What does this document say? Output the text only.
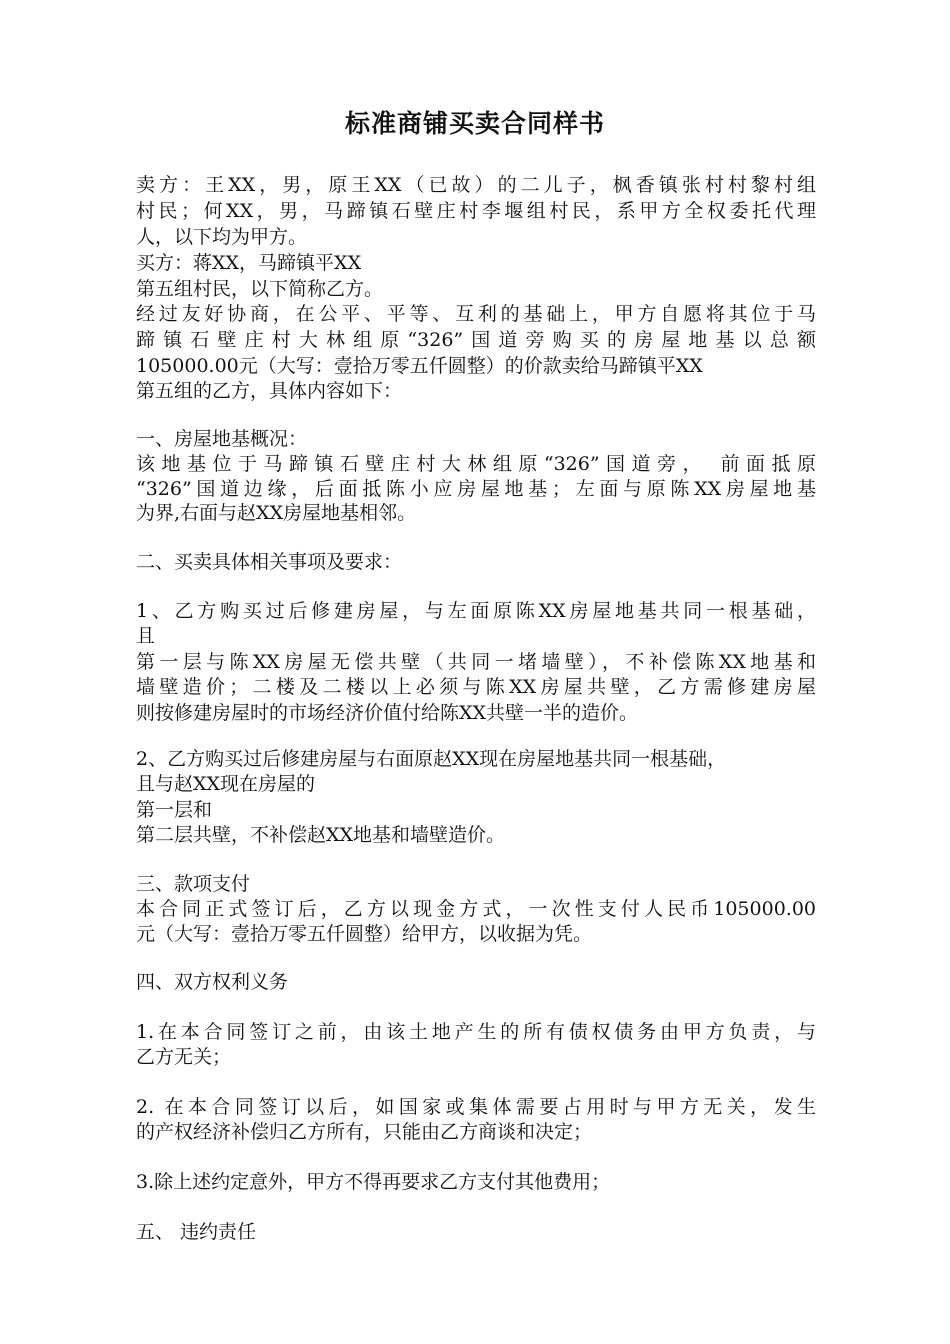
标准商铺买卖合同样书
卖方：王XX，男，原王XX（已故）的二儿子，枫香镇张村村黎村组
村民；何XX，男，马蹄镇石壁庄村李堰组村民，系甲方全权委托代理
人，以下均为甲方。
买方：蒋XX，马蹄镇平XX
第五组村民，以下简称乙方。
经过友好协商，在公平、平等、互利的基础上，甲方自愿将其位于马
蹄镇石壁庄村大林组原“326”国道旁购买的房屋地基以总额
105000.00元（大写：壹拾万零五仟圆整）的价款卖给马蹄镇平XX
第五组的乙方，具体内容如下：
一、房屋地基概况：
该地基位于马蹄镇石壁庄村大林组原“326”国道旁， 前面抵原
“326”国道边缘，后面抵陈小应房屋地基；左面与原陈XX房屋地基
为界,右面与赵XX房屋地基相邻。
二、买卖具体相关事项及要求：
1、乙方购买过后修建房屋，与左面原陈XX房屋地基共同一根基础，
且
第一层与陈XX房屋无偿共壁（共同一堵墙壁），不补偿陈XX地基和
墙壁造价；二楼及二楼以上必须与陈XX房屋共壁，乙方需修建房屋
则按修建房屋时的市场经济价值付给陈XX共壁一半的造价。
2、乙方购买过后修建房屋与右面原赵XX现在房屋地基共同一根基础，
且与赵XX现在房屋的
第一层和
第二层共壁，不补偿赵XX地基和墙壁造价。
三、款项支付
本合同正式签订后，乙方以现金方式，一次性支付人民币105000.00
元（大写：壹拾万零五仟圆整）给甲方，以收据为凭。
四、双方权利义务
1.在本合同签订之前，由该土地产生的所有债权债务由甲方负责，与
乙方无关；
2. 在本合同签订以后，如国家或集体需要占用时与甲方无关，发生
的产权经济补偿归乙方所有，只能由乙方商谈和决定；
3.除上述约定意外，甲方不得再要求乙方支付其他费用；
五、 违约责任
